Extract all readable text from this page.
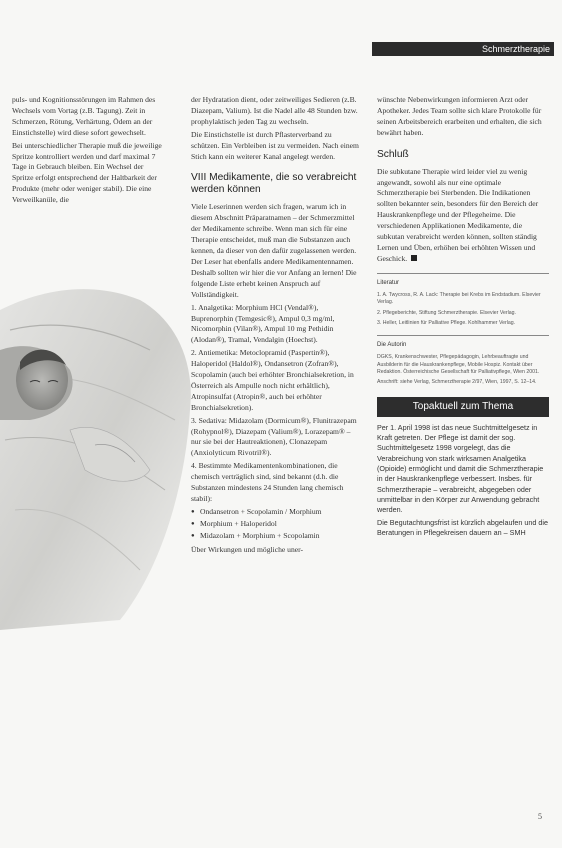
Schmerztherapie

puls- und Kognitionsstörungen im Rahmen des Wechsels vom Vortag (z.B. Tagung). Zeit in Schmerzen, Rötung, Verhärtung, Ödem an der Einstichstelle) wird diese sofort gewechselt.

Bei unterschiedlicher Therapie muß die jeweilige Spritze kontrolliert werden und darf maximal 7 Tage in Gebrauch bleiben. Ein Wechsel der Spritze erfolgt entsprechend der Haltbarkeit der Produkte (mehr oder weniger stabil). Die eine Verweilkanüle, die

der Hydratation dient, oder zeitweiliges Sedieren (z.B. Diazepam, Valium). Ist die Nadel alle 48 Stunden bzw. prophylaktisch jeden Tag zu wechseln.

Die Einstichstelle ist durch Pflasterverband zu schützen. Ein Verbleiben ist zu vermeiden. Nach einem Stich kann ein weiterer Kanal angelegt werden.

VIII Medikamente, die so verabreicht werden können

Viele Leserinnen werden sich fragen, warum ich in diesem Abschnitt Präparatnamen – der Schmerzmittel der Medikamente schreibe. Wenn man sich für eine Therapie entscheidet, muß man die Substanzen auch kennen, da dieser von den dafür zugelassenen werden. Der Leser hat ebenfalls andere Medikamentennamen. Deshalb sollten wir hier die vor Anfang an lernen! Die folgende Liste erhebt keinen Anspruch auf Vollständigkeit.

1. Analgetika: Morphium HCl (Vendal®), Buprenorphin (Temgesic®), Ampul 0,3 mg/ml, Nicomorphin (Vilan®), Ampul 10 mg Pethidin (Alodan®), Tramal, Vendalgin (Hoechst).

2. Antiemetika: Metoclopramid (Paspertin®), Haloperidol (Haldol®), Ondansetron (Zofran®), Scopolamin (auch bei erhöhter Bronchialsekretion, in Österreich als Ampulle noch nicht erhältlich), Atropinsulfat (Atropin®, auch bei erhöhter Bronchialsekretion).

3. Sedativa: Midazolam (Dormicum®), Flunitrazepam (Rohypnol®), Diazepam (Valium®), Lorazepam® – nur sie bei der Hautreaktionen), Clonazepam (Anxiolyticum Rivotril®).

4. Bestimmte Medikamentenkombinationen, die chemisch verträglich sind, sind bekannt (d.h. die Substanzen mindestens 24 Stunden lang chemisch stabil):

● Ondansetron + Scopolamin / Morphium
● Morphium + Haloperidol
● Midazolam + Morphium + Scopolamin

Über Wirkungen und mögliche uner-

wünschte Nebenwirkungen informieren Arzt oder Apotheker. Jedes Team sollte sich klare Protokolle für seinen Arbeitsbereich erarbeiten und erhalten, die sich bewährt haben.

Schluß

Die subkutane Therapie wird leider viel zu wenig angewandt, sowohl als nur eine optimale Schmerztherapie bei Sterbenden. Die Indikationen sollten bekannter sein, besonders für den Bereich der Hauskrankenpflege und der Pflegeheime. Die verschiedenen Applikationen Medikamente, die subkutan verabreicht werden können, sollten ständig Lernen und Üben, erhöhen bei erhöhten Wissen und Geschick.

Literatur

1. A. Twycross, R. A. Lack: Therapie bei Krebs im Endstadium. Elsevier Verlag.

2. Pflegeberichte, Stiftung Schmerztherapie. Elsevier Verlag.

3. Heller, Leitlinien für Palliative Pflege. Kohlhammer Verlag.

Die Autorin

DGKS, Krankenschwester, Pflegepädagogin, Lehrbeauftragte und Ausbilderin für die Hauskrankenpflege, Mobile Hospiz. Kontakt über Redaktion. Österreichische Gesellschaft für Palliativpflege, Wien 2001.

Anschrift: siehe Verlag, Schmerztherapie 2/97, Wien, 1997, S. 12–14.

Topaktuell zum Thema

Per 1. April 1998 ist das neue Suchtmittelgesetz in Kraft getreten. Der Pflege ist damit der sog. Suchtmittelgesetz 1998 vorgelegt, das die Verabreichung von stark wirksamen Analgetika (Opioide) ermöglicht und damit die Schmerztherapie in der Hauskrankenpflege verbessert. Insbes. für Schmerztherapie – verabreicht, abgegeben oder unmittelbar in den Körper zur Anwendung gebracht werden.

Die Begutachtungsfrist ist kürzlich abgelaufen und die Beratungen in Pflegekreisen dauern an – SMH

5
